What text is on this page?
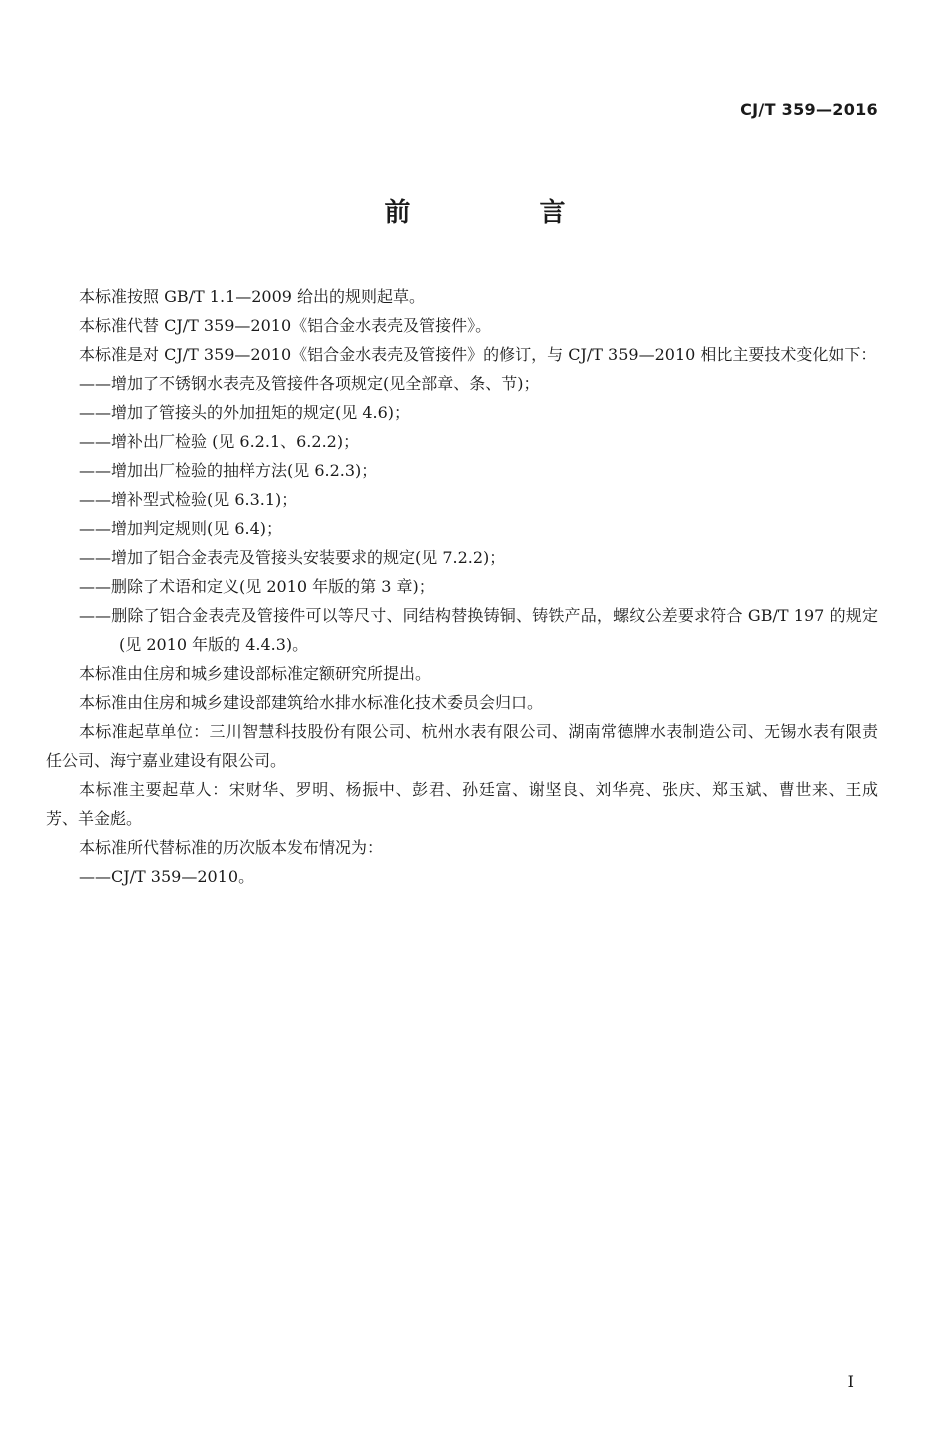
CJ/T 359—2016
前 言

本标准按照 GB/T 1.1—2009 给出的规则起草。

本标准代替 CJ/T 359—2010《铝合金水表壳及管接件》。

本标准是对 CJ/T 359—2010《铝合金水表壳及管接件》的修订，与 CJ/T 359—2010 相比主要技术变化如下：

——增加了不锈钢水表壳及管接件各项规定(见全部章、条、节)；

——增加了管接头的外加扭矩的规定(见 4.6)；

——增补出厂检验 (见 6.2.1、6.2.2)；

——增加出厂检验的抽样方法(见 6.2.3)；

——增补型式检验(见 6.3.1)；

——增加判定规则(见 6.4)；

——增加了铝合金表壳及管接头安装要求的规定(见 7.2.2)；

——删除了术语和定义(见 2010 年版的第 3 章)；

——删除了铝合金表壳及管接件可以等尺寸、同结构替换铸铜、铸铁产品，螺纹公差要求符合 GB/T 197 的规定(见 2010 年版的 4.4.3)。

本标准由住房和城乡建设部标准定额研究所提出。

本标准由住房和城乡建设部建筑给水排水标准化技术委员会归口。

本标准起草单位：三川智慧科技股份有限公司、杭州水表有限公司、湖南常德牌水表制造公司、无锡水表有限责任公司、海宁嘉业建设有限公司。

本标准主要起草人：宋财华、罗明、杨振中、彭君、孙廷富、谢坚良、刘华亮、张庆、郑玉斌、曹世来、王成芳、羊金彪。

本标准所代替标准的历次版本发布情况为：

——CJ/T 359—2010。

I
